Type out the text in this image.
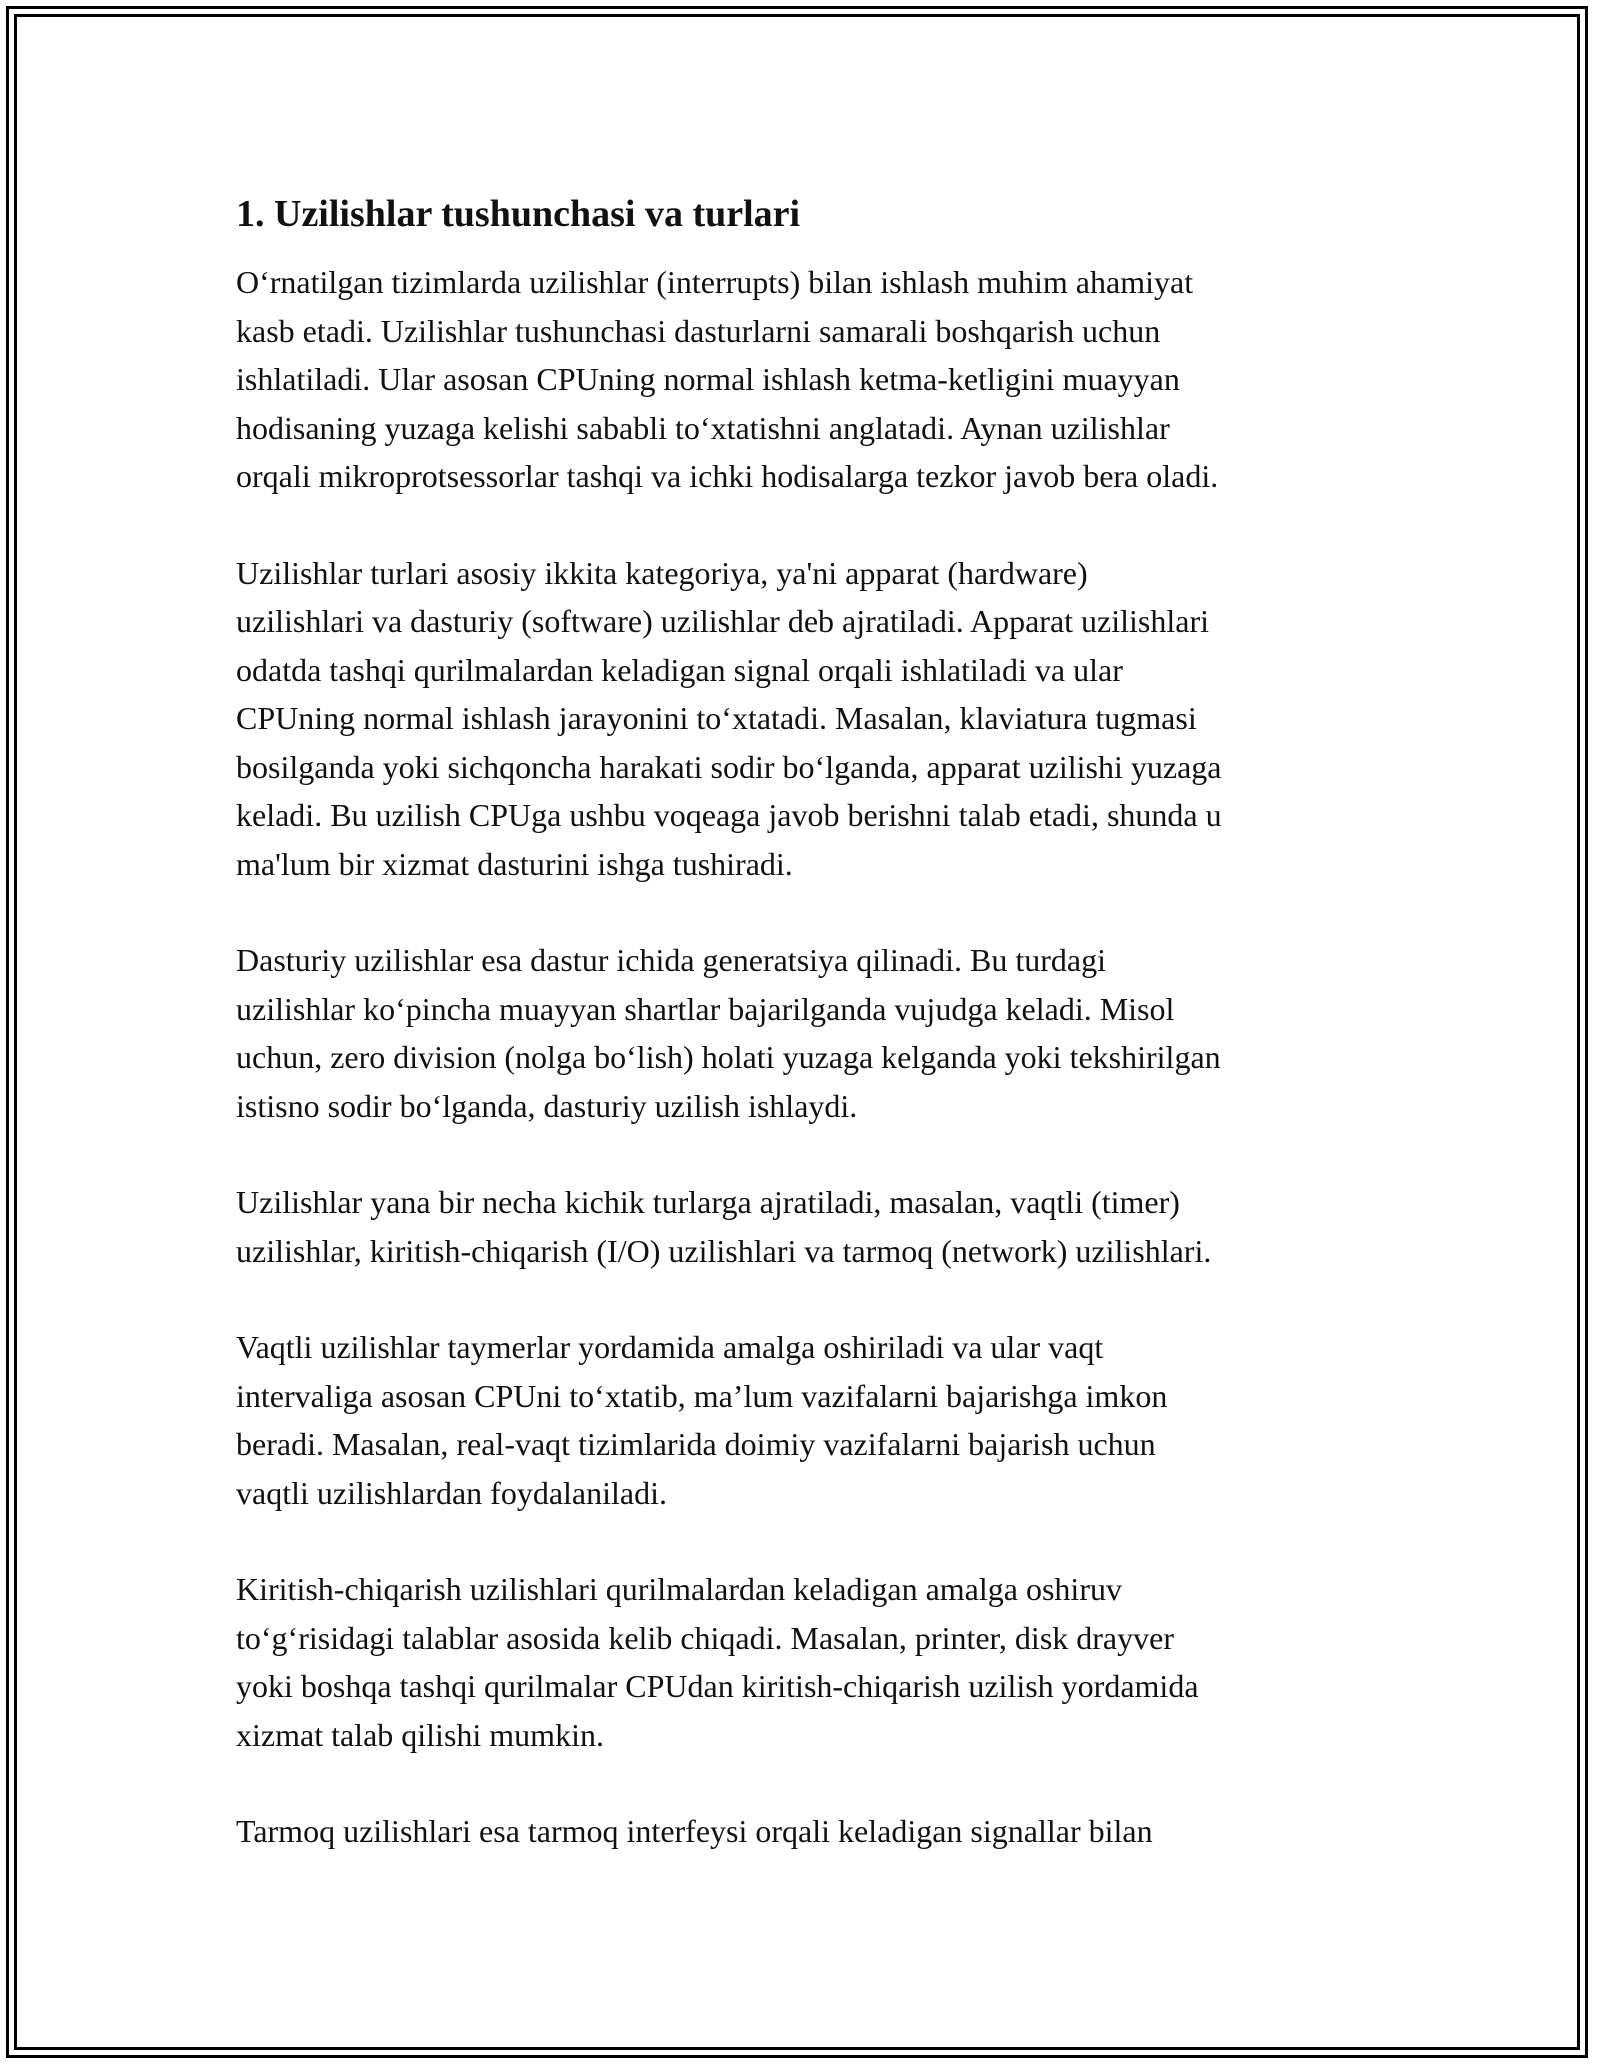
1. Uzilishlar tushunchasi va turlari

Oʻrnatilgan tizimlarda uzilishlar (interrupts) bilan ishlash muhim ahamiyat
kasb etadi. Uzilishlar tushunchasi dasturlarni samarali boshqarish uchun
ishlatiladi. Ular asosan CPUning normal ishlash ketma-ketligini muayyan
hodisaning yuzaga kelishi sababli toʻxtatishni anglatadi. Aynan uzilishlar
orqali mikroprotsessorlar tashqi va ichki hodisalarga tezkor javob bera oladi.

Uzilishlar turlari asosiy ikkita kategoriya, ya'ni apparat (hardware)
uzilishlari va dasturiy (software) uzilishlar deb ajratiladi. Apparat uzilishlari
odatda tashqi qurilmalardan keladigan signal orqali ishlatiladi va ular
CPUning normal ishlash jarayonini toʻxtatadi. Masalan, klaviatura tugmasi
bosilganda yoki sichqoncha harakati sodir boʻlganda, apparat uzilishi yuzaga
keladi. Bu uzilish CPUga ushbu voqeaga javob berishni talab etadi, shunda u
ma'lum bir xizmat dasturini ishga tushiradi.

Dasturiy uzilishlar esa dastur ichida generatsiya qilinadi. Bu turdagi
uzilishlar koʻpincha muayyan shartlar bajarilganda vujudga keladi. Misol
uchun, zero division (nolga boʻlish) holati yuzaga kelganda yoki tekshirilgan
istisno sodir boʻlganda, dasturiy uzilish ishlaydi.

Uzilishlar yana bir necha kichik turlarga ajratiladi, masalan, vaqtli (timer)
uzilishlar, kiritish-chiqarish (I/O) uzilishlari va tarmoq (network) uzilishlari.

Vaqtli uzilishlar taymerlar yordamida amalga oshiriladi va ular vaqt
intervaliga asosan CPUni toʻxtatib, ma’lum vazifalarni bajarishga imkon
beradi. Masalan, real-vaqt tizimlarida doimiy vazifalarni bajarish uchun
vaqtli uzilishlardan foydalaniladi.

Kiritish-chiqarish uzilishlari qurilmalardan keladigan amalga oshiruv
toʻgʻrisidagi talablar asosida kelib chiqadi. Masalan, printer, disk drayver
yoki boshqa tashqi qurilmalar CPUdan kiritish-chiqarish uzilish yordamida
xizmat talab qilishi mumkin.

Tarmoq uzilishlari esa tarmoq interfeysi orqali keladigan signallar bilan
